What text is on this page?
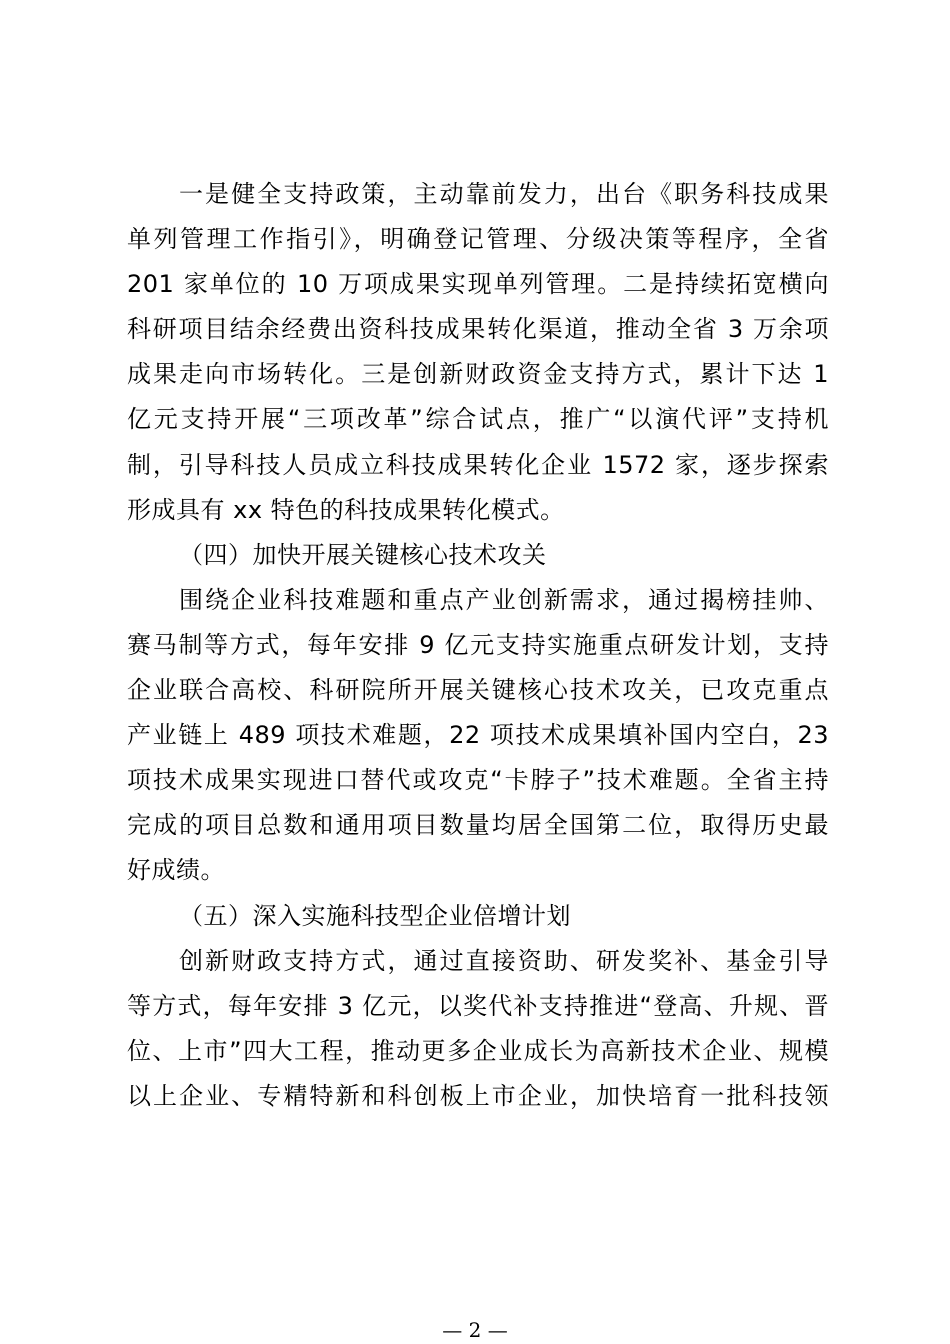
一是健全支持政策，主动靠前发力，出台《职务科技成果
单列管理工作指引》，明确登记管理、分级决策等程序，全省
201 家单位的 10 万项成果实现单列管理。二是持续拓宽横向
科研项目结余经费出资科技成果转化渠道，推动全省 3 万余项
成果走向市场转化。三是创新财政资金支持方式，累计下达 1
亿元支持开展“三项改革”综合试点，推广“以演代评”支持机
制，引导科技人员成立科技成果转化企业 1572 家，逐步探索
形成具有 xx 特色的科技成果转化模式。
（四）加快开展关键核心技术攻关
围绕企业科技难题和重点产业创新需求，通过揭榜挂帅、
赛马制等方式，每年安排 9 亿元支持实施重点研发计划，支持
企业联合高校、科研院所开展关键核心技术攻关，已攻克重点
产业链上 489 项技术难题，22 项技术成果填补国内空白，23
项技术成果实现进口替代或攻克“卡脖子”技术难题。全省主持
完成的项目总数和通用项目数量均居全国第二位，取得历史最
好成绩。
（五）深入实施科技型企业倍增计划
创新财政支持方式，通过直接资助、研发奖补、基金引导
等方式，每年安排 3 亿元，以奖代补支持推进“登高、升规、晋
位、上市”四大工程，推动更多企业成长为高新技术企业、规模
以上企业、专精特新和科创板上市企业，加快培育一批科技领
— 2 —
